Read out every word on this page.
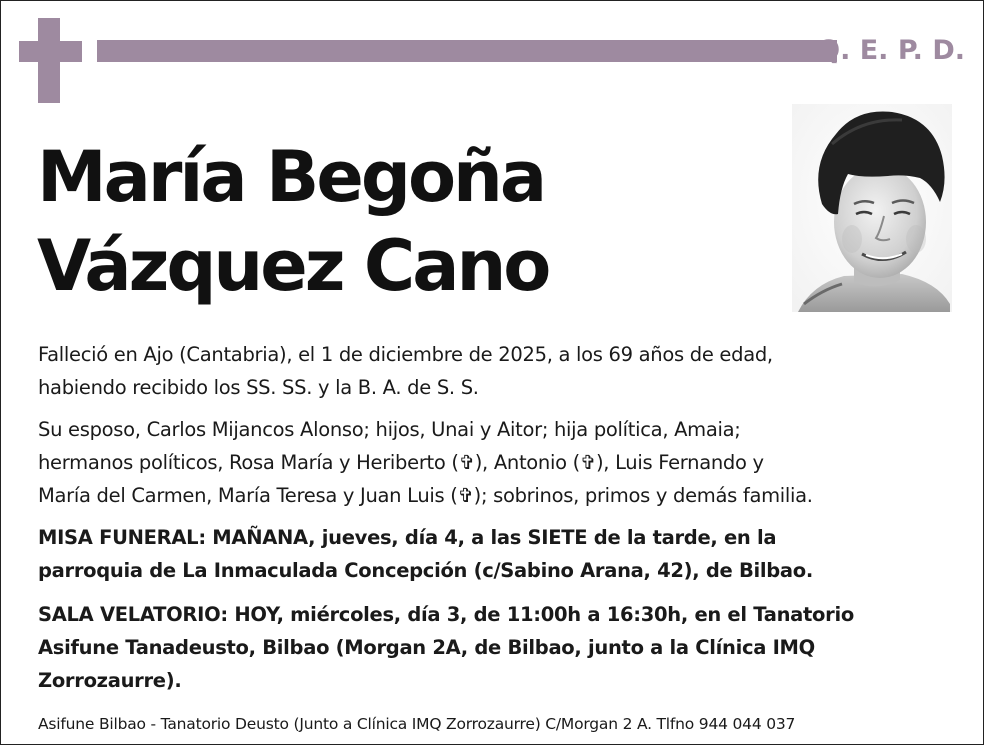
Q. E. P. D.
María Begoña
Vázquez Cano
Falleció en Ajo (Cantabria), el 1 de diciembre de 2025, a los 69 años de edad,
habiendo recibido los SS. SS. y la B. A. de S. S.
Su esposo, Carlos Mijancos Alonso; hijos, Unai y Aitor; hija política, Amaia;
hermanos políticos, Rosa María y Heriberto (✞), Antonio (✞), Luis Fernando y
María del Carmen, María Teresa y Juan Luis (✞); sobrinos, primos y demás familia.
MISA FUNERAL: MAÑANA, jueves, día 4, a las SIETE de la tarde, en la
parroquia de La Inmaculada Concepción (c/Sabino Arana, 42), de Bilbao.
SALA VELATORIO: HOY, miércoles, día 3, de 11:00h a 16:30h, en el Tanatorio
Asifune Tanadeusto, Bilbao (Morgan 2A, de Bilbao, junto a la Clínica IMQ
Zorrozaurre).
Asifune Bilbao - Tanatorio Deusto (Junto a Clínica IMQ Zorrozaurre) C/Morgan 2 A. Tlfno 944 044 037
